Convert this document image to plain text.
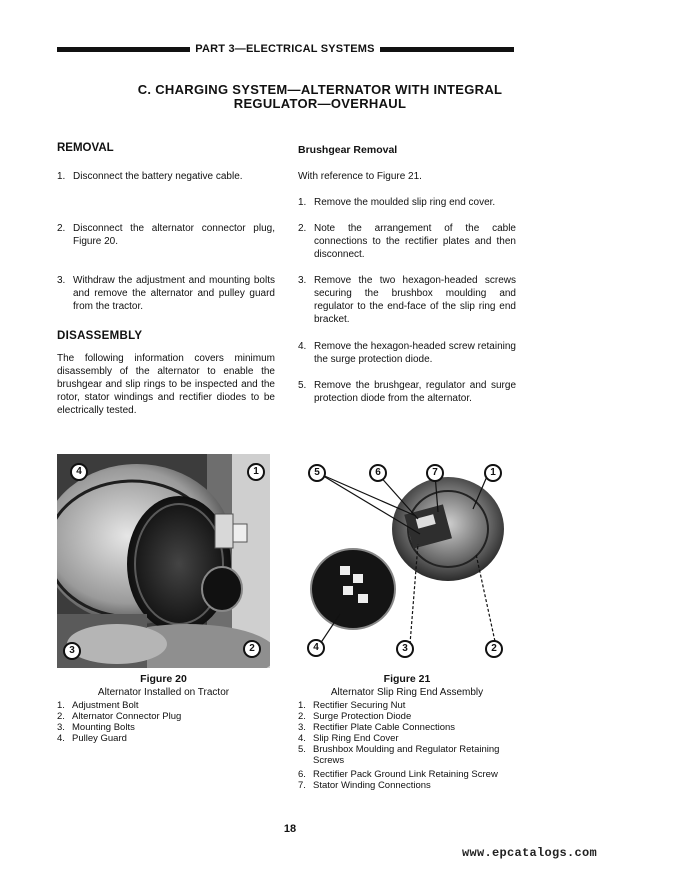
PART 3—ELECTRICAL SYSTEMS
C. CHARGING SYSTEM—ALTERNATOR WITH INTEGRAL
REGULATOR—OVERHAUL
REMOVAL
1. Disconnect the battery negative cable.
2. Disconnect the alternator connector plug, Figure 20.
3. Withdraw the adjustment and mounting bolts and remove the alternator and pulley guard from the tractor.
DISASSEMBLY
The following information covers minimum disassembly of the alternator to enable the brushgear and slip rings to be inspected and the rotor, stator windings and rectifier diodes to be electrically tested.
Brushgear Removal
With reference to Figure 21.
1. Remove the moulded slip ring end cover.
2. Note the arrangement of the cable connections to the rectifier plates and then disconnect.
3. Remove the two hexagon-headed screws securing the brushbox moulding and regulator to the end-face of the slip ring end bracket.
4. Remove the hexagon-headed screw retaining the surge protection diode.
5. Remove the brushgear, regulator and surge protection diode from the alternator.
4	1
3	2
Figure 20
Alternator Installed on Tractor
1. Adjustment Bolt
2. Alternator Connector Plug
3. Mounting Bolts
4. Pulley Guard
5	6	7	1
4	3	2
Figure 21
Alternator Slip Ring End Assembly
1. Rectifier Securing Nut
2. Surge Protection Diode
3. Rectifier Plate Cable Connections
4. Slip Ring End Cover
5. Brushbox Moulding and Regulator Retaining Screws
6. Rectifier Pack Ground Link Retaining Screw
7. Stator Winding Connections
18
www.epcatalogs.com
